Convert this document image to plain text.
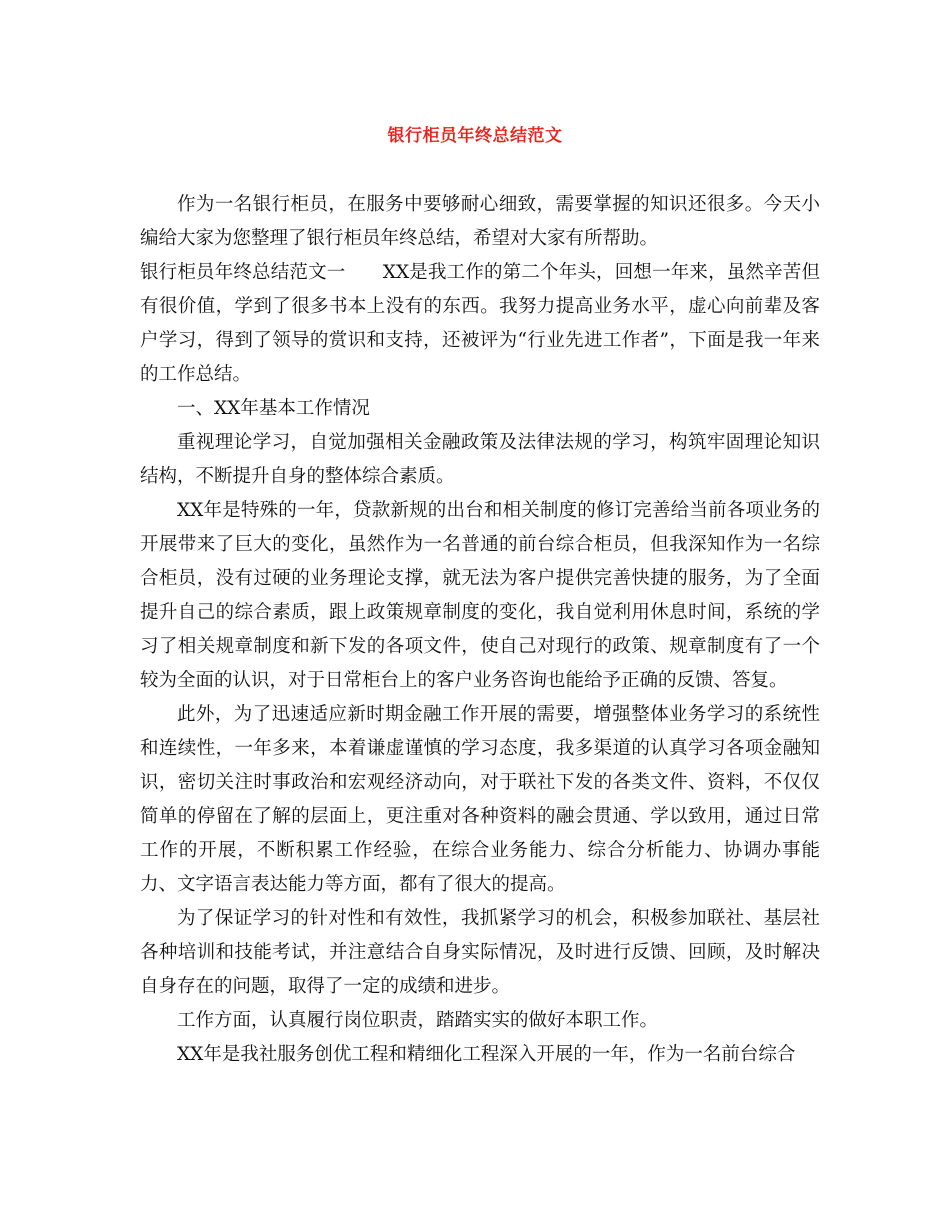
银行柜员年终总结范文

作为一名银行柜员，在服务中要够耐心细致，需要掌握的知识还很多。今天小编给大家为您整理了银行柜员年终总结，希望对大家有所帮助。

银行柜员年终总结范文一　　XX是我工作的第二个年头，回想一年来，虽然辛苦但有很价值，学到了很多书本上没有的东西。我努力提高业务水平，虚心向前辈及客户学习，得到了领导的赏识和支持，还被评为“行业先进工作者”，下面是我一年来的工作总结。

一、XX年基本工作情况

重视理论学习，自觉加强相关金融政策及法律法规的学习，构筑牢固理论知识结构，不断提升自身的整体综合素质。

XX年是特殊的一年，贷款新规的出台和相关制度的修订完善给当前各项业务的开展带来了巨大的变化，虽然作为一名普通的前台综合柜员，但我深知作为一名综合柜员，没有过硬的业务理论支撑，就无法为客户提供完善快捷的服务，为了全面提升自己的综合素质，跟上政策规章制度的变化，我自觉利用休息时间，系统的学习了相关规章制度和新下发的各项文件，使自己对现行的政策、规章制度有了一个较为全面的认识，对于日常柜台上的客户业务咨询也能给予正确的反馈、答复。

此外，为了迅速适应新时期金融工作开展的需要，增强整体业务学习的系统性和连续性，一年多来，本着谦虚谨慎的学习态度，我多渠道的认真学习各项金融知识，密切关注时事政治和宏观经济动向，对于联社下发的各类文件、资料，不仅仅简单的停留在了解的层面上，更注重对各种资料的融会贯通、学以致用，通过日常工作的开展，不断积累工作经验，在综合业务能力、综合分析能力、协调办事能力、文字语言表达能力等方面，都有了很大的提高。

为了保证学习的针对性和有效性，我抓紧学习的机会，积极参加联社、基层社各种培训和技能考试，并注意结合自身实际情况，及时进行反馈、回顾，及时解决自身存在的问题，取得了一定的成绩和进步。

工作方面，认真履行岗位职责，踏踏实实的做好本职工作。

XX年是我社服务创优工程和精细化工程深入开展的一年，作为一名前台综合
